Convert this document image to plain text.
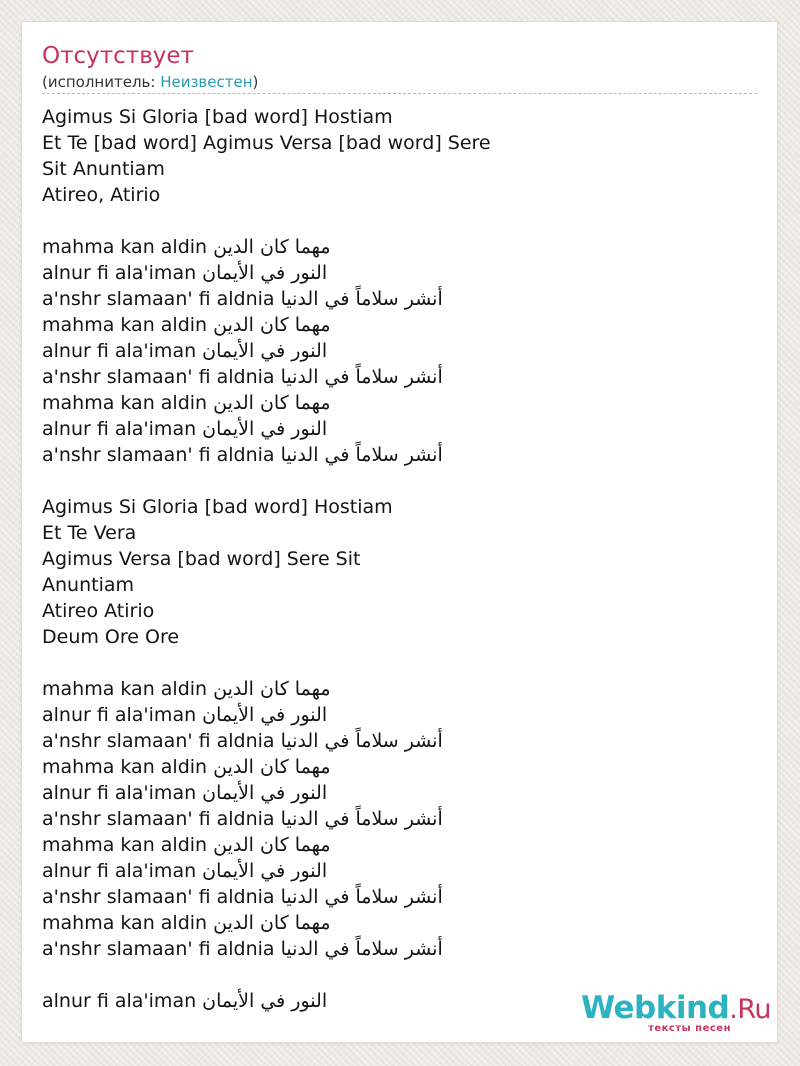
Отсутствует
(исполнитель: Неизвестен)
Agimus Si Gloria [bad word] Hostiam
Et Te [bad word] Agimus Versa [bad word] Sere
Sit Anuntiam
Atireo, Atirio
mahma kan aldin مهما كان الدين
alnur fi ala'iman النور في الأيمان
a'nshr slamaan' fi aldnia أنشر سلاماً في الدنيا
mahma kan aldin مهما كان الدين
alnur fi ala'iman النور في الأيمان
a'nshr slamaan' fi aldnia أنشر سلاماً في الدنيا
mahma kan aldin مهما كان الدين
alnur fi ala'iman النور في الأيمان
a'nshr slamaan' fi aldnia أنشر سلاماً في الدنيا
Agimus Si Gloria [bad word] Hostiam
Et Te Vera
Agimus Versa [bad word] Sere Sit
Anuntiam
Atireo Atirio
Deum Ore Ore
mahma kan aldin مهما كان الدين
alnur fi ala'iman النور في الأيمان
a'nshr slamaan' fi aldnia أنشر سلاماً في الدنيا
mahma kan aldin مهما كان الدين
alnur fi ala'iman النور في الأيمان
a'nshr slamaan' fi aldnia أنشر سلاماً في الدنيا
mahma kan aldin مهما كان الدين
alnur fi ala'iman النور في الأيمان
a'nshr slamaan' fi aldnia أنشر سلاماً في الدنيا
mahma kan aldin مهما كان الدين
a'nshr slamaan' fi aldnia أنشر سلاماً في الدنيا
alnur fi ala'iman النور في الأيمان	Webkind.Ru
тексты песен
